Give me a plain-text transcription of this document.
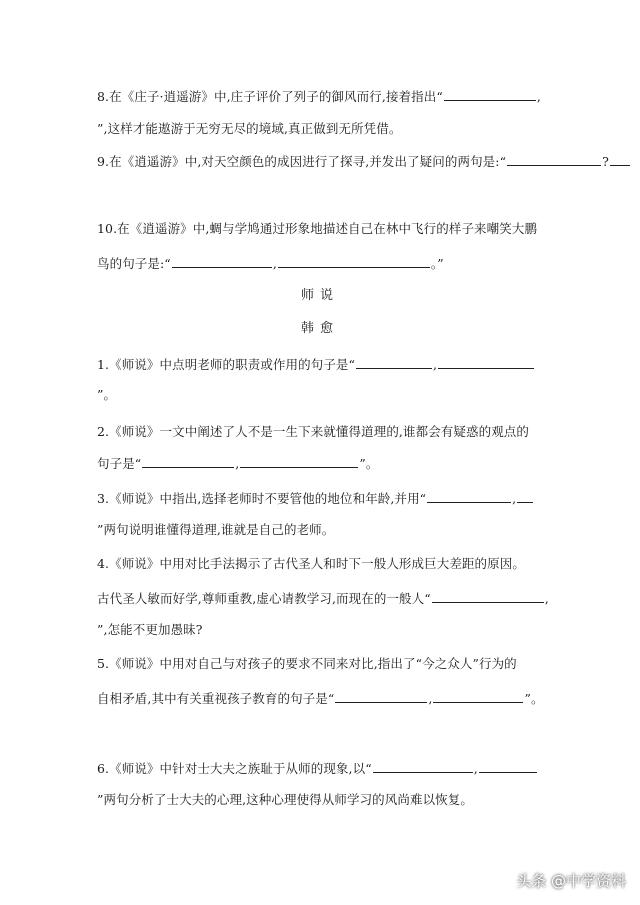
8.在《庄子·逍遥游》中,庄子评价了列子的御风而行,接着指出“	,
”,这样才能遨游于无穷无尽的境域,真正做到无所凭借。
9.在《逍遥游》中,对天空颜色的成因进行了探寻,并发出了疑问的两句是:“	?
10.在《逍遥游》中,蜩与学鸠通过形象地描述自己在林中飞行的样子来嘲笑大鹏
鸟的句子是:“	,	。”
师说
韩愈
1.《师说》中点明老师的职责或作用的句子是“	,
”。
2.《师说》一文中阐述了人不是一生下来就懂得道理的,谁都会有疑惑的观点的
句子是“	,	”。
3.《师说》中指出,选择老师时不要管他的地位和年龄,并用“	,
”两句说明谁懂得道理,谁就是自己的老师。
4.《师说》中用对比手法揭示了古代圣人和时下一般人形成巨大差距的原因。
古代圣人敏而好学,尊师重教,虚心请教学习,而现在的一般人“	,
”,怎能不更加愚昧?
5.《师说》中用对自己与对孩子的要求不同来对比,指出了“今之众人”行为的
自相矛盾,其中有关重视孩子教育的句子是“	,	”。
6.《师说》中针对士大夫之族耻于从师的现象,以“	,
”两句分析了士大夫的心理,这种心理使得从师学习的风尚难以恢复。
头条 @中学资料
